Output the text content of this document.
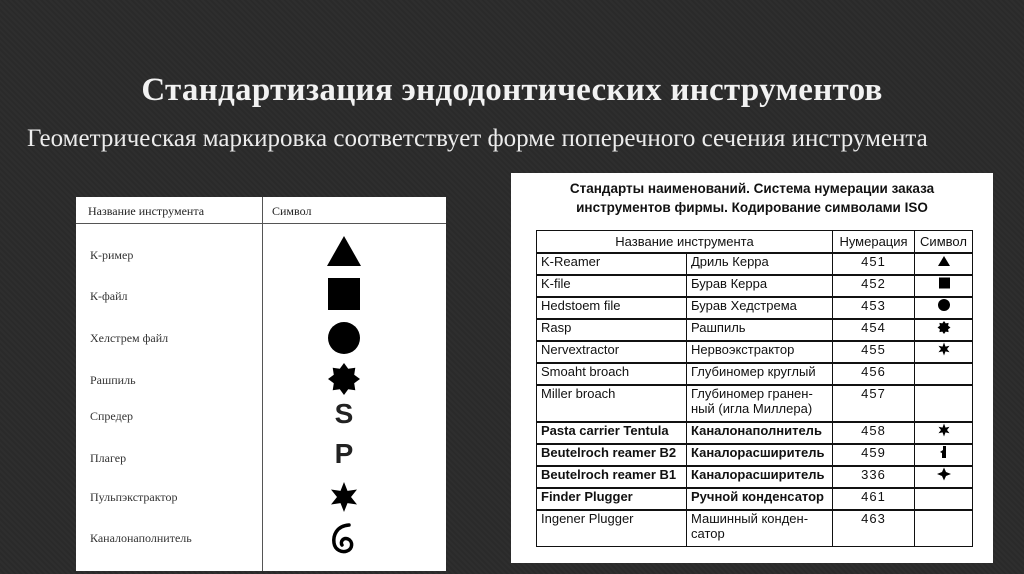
Стандартизация эндодонтических инструментов
Геометрическая маркировка соответствует форме поперечного сечения инструмента
Название инструмента	Символ
К-ример
К-файл
Хелстрем файл
Рашпиль
Спредер	S
Плагер	P
Пульпэкстрактор
Каналонаполнитель
Стандарты наименований. Система нумерации заказа
инструментов фирмы. Кодирование символами ISO
Название инструмента		Нумерация	Символ
K-Reamer	Дриль Керра	451	
K-file	Бурав Керра	452	
Hedstoem file	Бурав Хедстрема	453	
Rasp	Рашпиль	454	
Nervextractor	Нервоэкстрактор	455	
Smoaht broach	Глубиномер круглый	456	
Miller broach	Глубиномер гранен-ный (игла Миллера)	457	
Pasta carrier Tentula	Каналонаполнитель	458	
Beutelroch reamer B2	Каналорасширитель	459	
Beutelroch reamer B1	Каналорасширитель	336	
Finder Plugger	Ручной конденсатор	461	
Ingener Plugger	Машинный конден-сатор	463	
